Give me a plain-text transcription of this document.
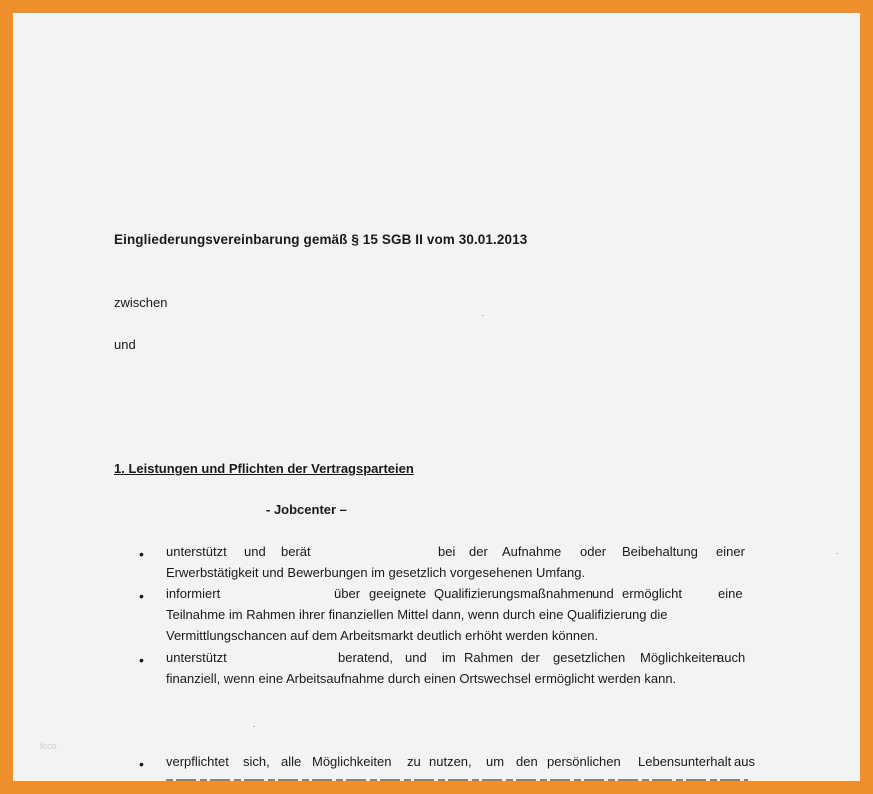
Eingliederungsvereinbarung gemäß § 15 SGB II vom 30.01.2013
zwischen
und
1. Leistungen und Pflichten der Vertragsparteien
- Jobcenter –
• unterstützt und berät	bei der Aufnahme oder Beibehaltung einer
Erwerbstätigkeit und Bewerbungen im gesetzlich vorgesehenen Umfang.
• informiert	über geeignete Qualifizierungsmaßnahmen und ermöglicht	eine
Teilnahme im Rahmen ihrer finanziellen Mittel dann, wenn durch eine Qualifizierung die
Vermittlungschancen auf dem Arbeitsmarkt deutlich erhöht werden können.
• unterstützt	beratend, und im Rahmen der gesetzlichen Möglichkeiten
auch
finanziell, wenn eine Arbeitsaufnahme durch einen Ortswechsel ermöglicht werden kann.
• verpflichtet sich, alle Möglichkeiten zu nutzen, um den persönlichen Lebensunterhalt aus
fcco
